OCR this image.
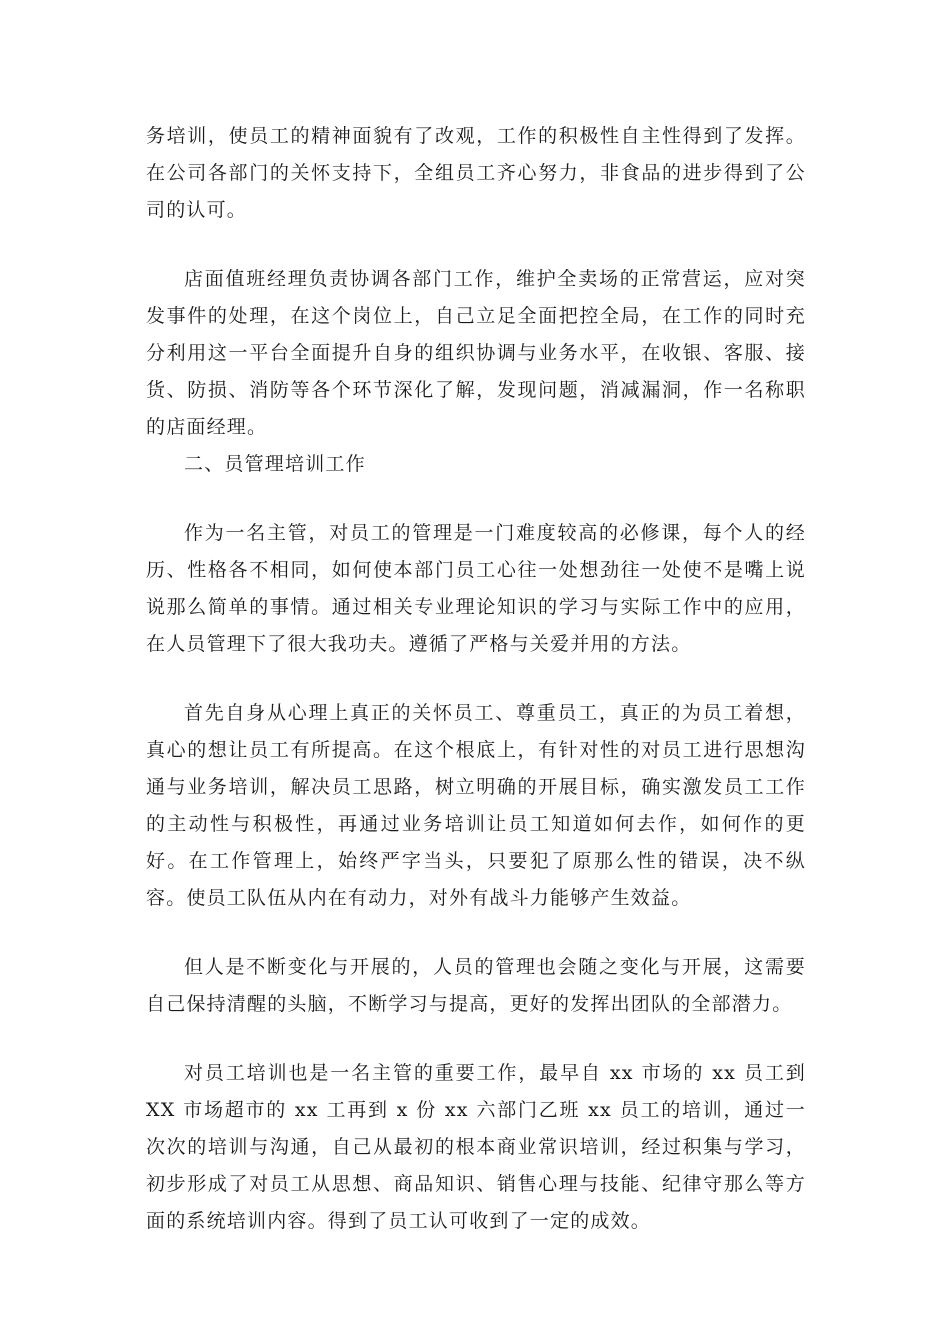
务培训，使员工的精神面貌有了改观，工作的积极性自主性得到了发挥。在公司各部门的关怀支持下，全组员工齐心努力，非食品的进步得到了公司的认可。

店面值班经理负责协调各部门工作，维护全卖场的正常营运，应对突发事件的处理，在这个岗位上，自己立足全面把控全局，在工作的同时充分利用这一平台全面提升自身的组织协调与业务水平，在收银、客服、接货、防损、消防等各个环节深化了解，发现问题，消减漏洞，作一名称职的店面经理。

二、员管理培训工作

作为一名主管，对员工的管理是一门难度较高的必修课，每个人的经历、性格各不相同，如何使本部门员工心往一处想劲往一处使不是嘴上说说那么简单的事情。通过相关专业理论知识的学习与实际工作中的应用，在人员管理下了很大我功夫。遵循了严格与关爱并用的方法。

首先自身从心理上真正的关怀员工、尊重员工，真正的为员工着想，真心的想让员工有所提高。在这个根底上，有针对性的对员工进行思想沟通与业务培训，解决员工思路，树立明确的开展目标，确实激发员工工作的主动性与积极性，再通过业务培训让员工知道如何去作，如何作的更好。在工作管理上，始终严字当头，只要犯了原那么性的错误，决不纵容。使员工队伍从内在有动力，对外有战斗力能够产生效益。

但人是不断变化与开展的，人员的管理也会随之变化与开展，这需要自己保持清醒的头脑，不断学习与提高，更好的发挥出团队的全部潜力。

对员工培训也是一名主管的重要工作，最早自 xx 市场的 xx 员工到 XX 市场超市的 xx 工再到 x 份 xx 六部门乙班 xx 员工的培训，通过一次次的培训与沟通，自己从最初的根本商业常识培训，经过积集与学习，初步形成了对员工从思想、商品知识、销售心理与技能、纪律守那么等方面的系统培训内容。得到了员工认可收到了一定的成效。
